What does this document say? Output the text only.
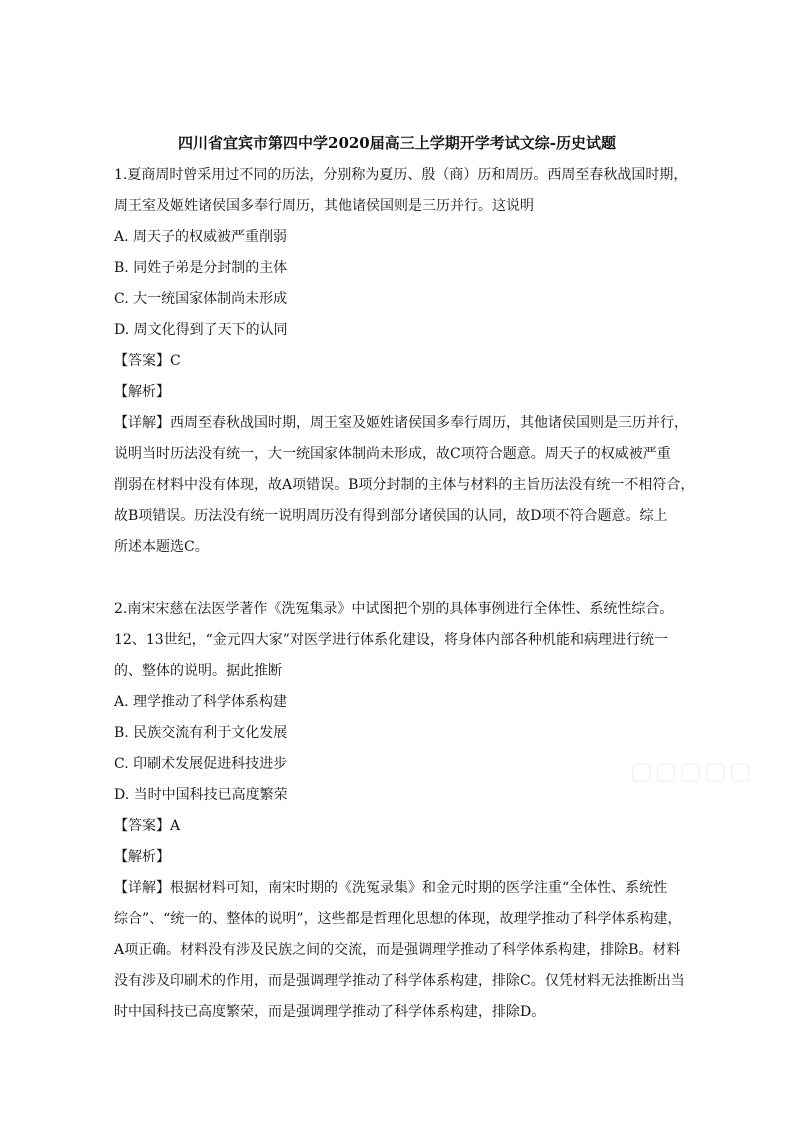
四川省宜宾市第四中学2020届高三上学期开学考试文综-历史试题
1.夏商周时曾采用过不同的历法，分别称为夏历、殷（商）历和周历。西周至春秋战国时期，
周王室及姬姓诸侯国多奉行周历，其他诸侯国则是三历并行。这说明
A. 周天子的权威被严重削弱
B. 同姓子弟是分封制的主体
C. 大一统国家体制尚未形成
D. 周文化得到了天下的认同
【答案】C
【解析】
【详解】西周至春秋战国时期，周王室及姬姓诸侯国多奉行周历，其他诸侯国则是三历并行，
说明当时历法没有统一，大一统国家体制尚未形成，故C项符合题意。周天子的权威被严重
削弱在材料中没有体现，故A项错误。B项分封制的主体与材料的主旨历法没有统一不相符合，
故B项错误。历法没有统一说明周历没有得到部分诸侯国的认同，故D项不符合题意。综上
所述本题选C。
2.南宋宋慈在法医学著作《洗冤集录》中试图把个别的具体事例进行全体性、系统性综合。
12、13世纪，“金元四大家”对医学进行体系化建设，将身体内部各种机能和病理进行统一
的、整体的说明。据此推断
A. 理学推动了科学体系构建
B. 民族交流有利于文化发展
C. 印刷术发展促进科技进步
D. 当时中国科技已高度繁荣
【答案】A
【解析】
【详解】根据材料可知，南宋时期的《洗冤录集》和金元时期的医学注重“全体性、系统性
综合”、“统一的、整体的说明”，这些都是哲理化思想的体现，故理学推动了科学体系构建，
A项正确。材料没有涉及民族之间的交流，而是强调理学推动了科学体系构建，排除B。材料
没有涉及印刷术的作用，而是强调理学推动了科学体系构建，排除C。仅凭材料无法推断出当
时中国科技已高度繁荣，而是强调理学推动了科学体系构建，排除D。
▢▢▢▢▢
